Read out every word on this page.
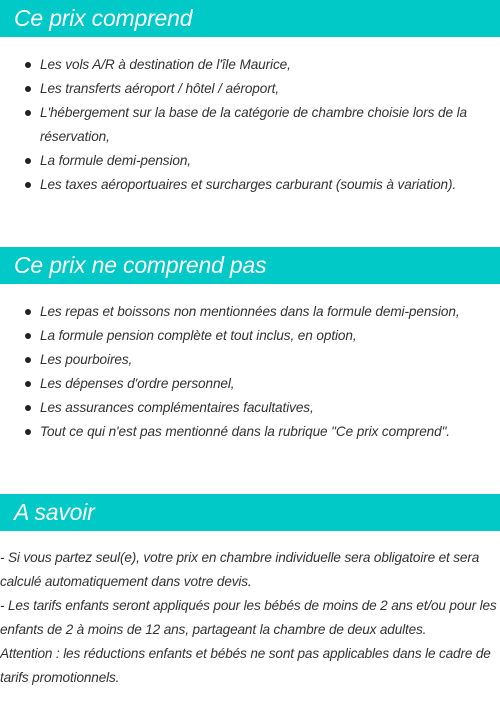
Ce prix comprend
Les vols A/R à destination de l'île Maurice,
Les transferts aéroport / hôtel / aéroport,
L'hébergement sur la base de la catégorie de chambre choisie lors de la réservation,
La formule demi-pension,
Les taxes aéroportuaires et surcharges carburant (soumis à variation).
Ce prix ne comprend pas
Les repas et boissons non mentionnées dans la formule demi-pension,
La formule pension complète et tout inclus, en option,
Les pourboires,
Les dépenses d'ordre personnel,
Les assurances complémentaires facultatives,
Tout ce qui n'est pas mentionné dans la rubrique "Ce prix comprend".
A savoir

- Si vous partez seul(e), votre prix en chambre individuelle sera obligatoire et sera calculé automatiquement dans votre devis.

- Les tarifs enfants seront appliqués pour les bébés de moins de 2 ans et/ou pour les enfants de 2 à moins de 12 ans, partageant la chambre de deux adultes.

Attention : les réductions enfants et bébés ne sont pas applicables dans le cadre de tarifs promotionnels.
